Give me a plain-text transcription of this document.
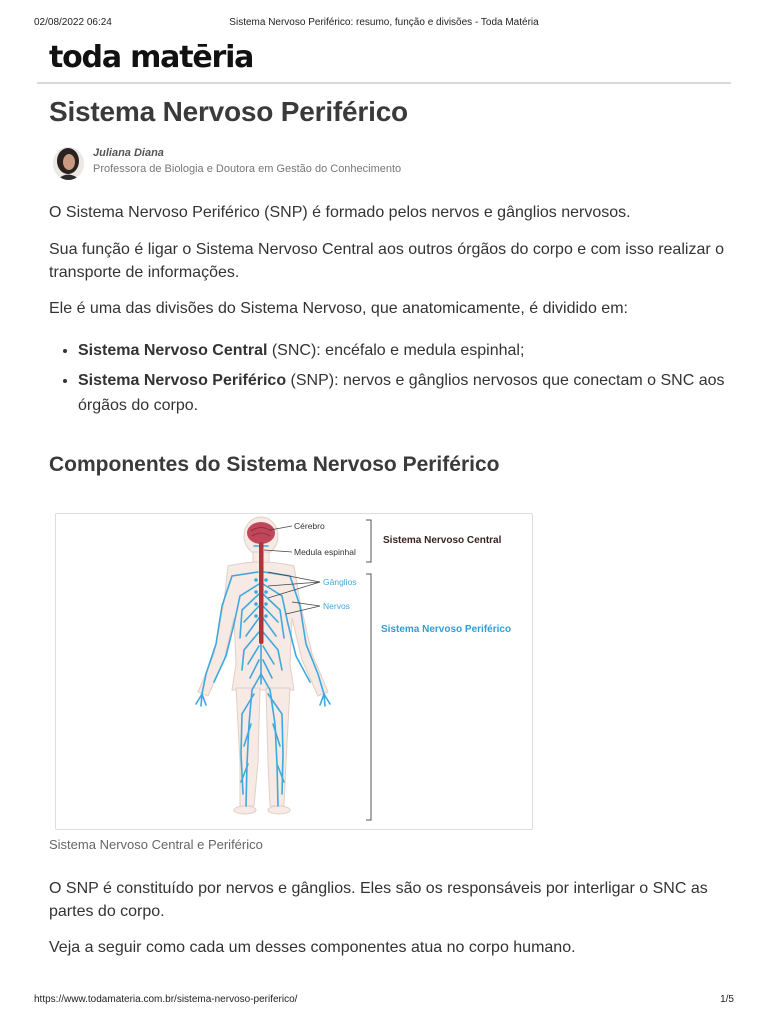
02/08/2022 06:24	Sistema Nervoso Periférico: resumo, função e divisões - Toda Matéria
toda matēria
Sistema Nervoso Periférico
Juliana Diana
Professora de Biologia e Doutora em Gestão do Conhecimento

O Sistema Nervoso Periférico (SNP) é formado pelos nervos e gânglios nervosos.

Sua função é ligar o Sistema Nervoso Central aos outros órgãos do corpo e com isso realizar o transporte de informações.

Ele é uma das divisões do Sistema Nervoso, que anatomicamente, é dividido em:

• Sistema Nervoso Central (SNC): encéfalo e medula espinhal;
• Sistema Nervoso Periférico (SNP): nervos e gânglios nervosos que conectam o SNC aos órgãos do corpo.
Componentes do Sistema Nervoso Periférico
Cérebro
Medula espinhal
Gânglios
Nervos
Sistema Nervoso Central
Sistema Nervoso Periférico
Sistema Nervoso Central e Periférico

O SNP é constituído por nervos e gânglios. Eles são os responsáveis por interligar o SNC as partes do corpo.

Veja a seguir como cada um desses componentes atua no corpo humano.

https://www.todamateria.com.br/sistema-nervoso-periferico/	1/5
